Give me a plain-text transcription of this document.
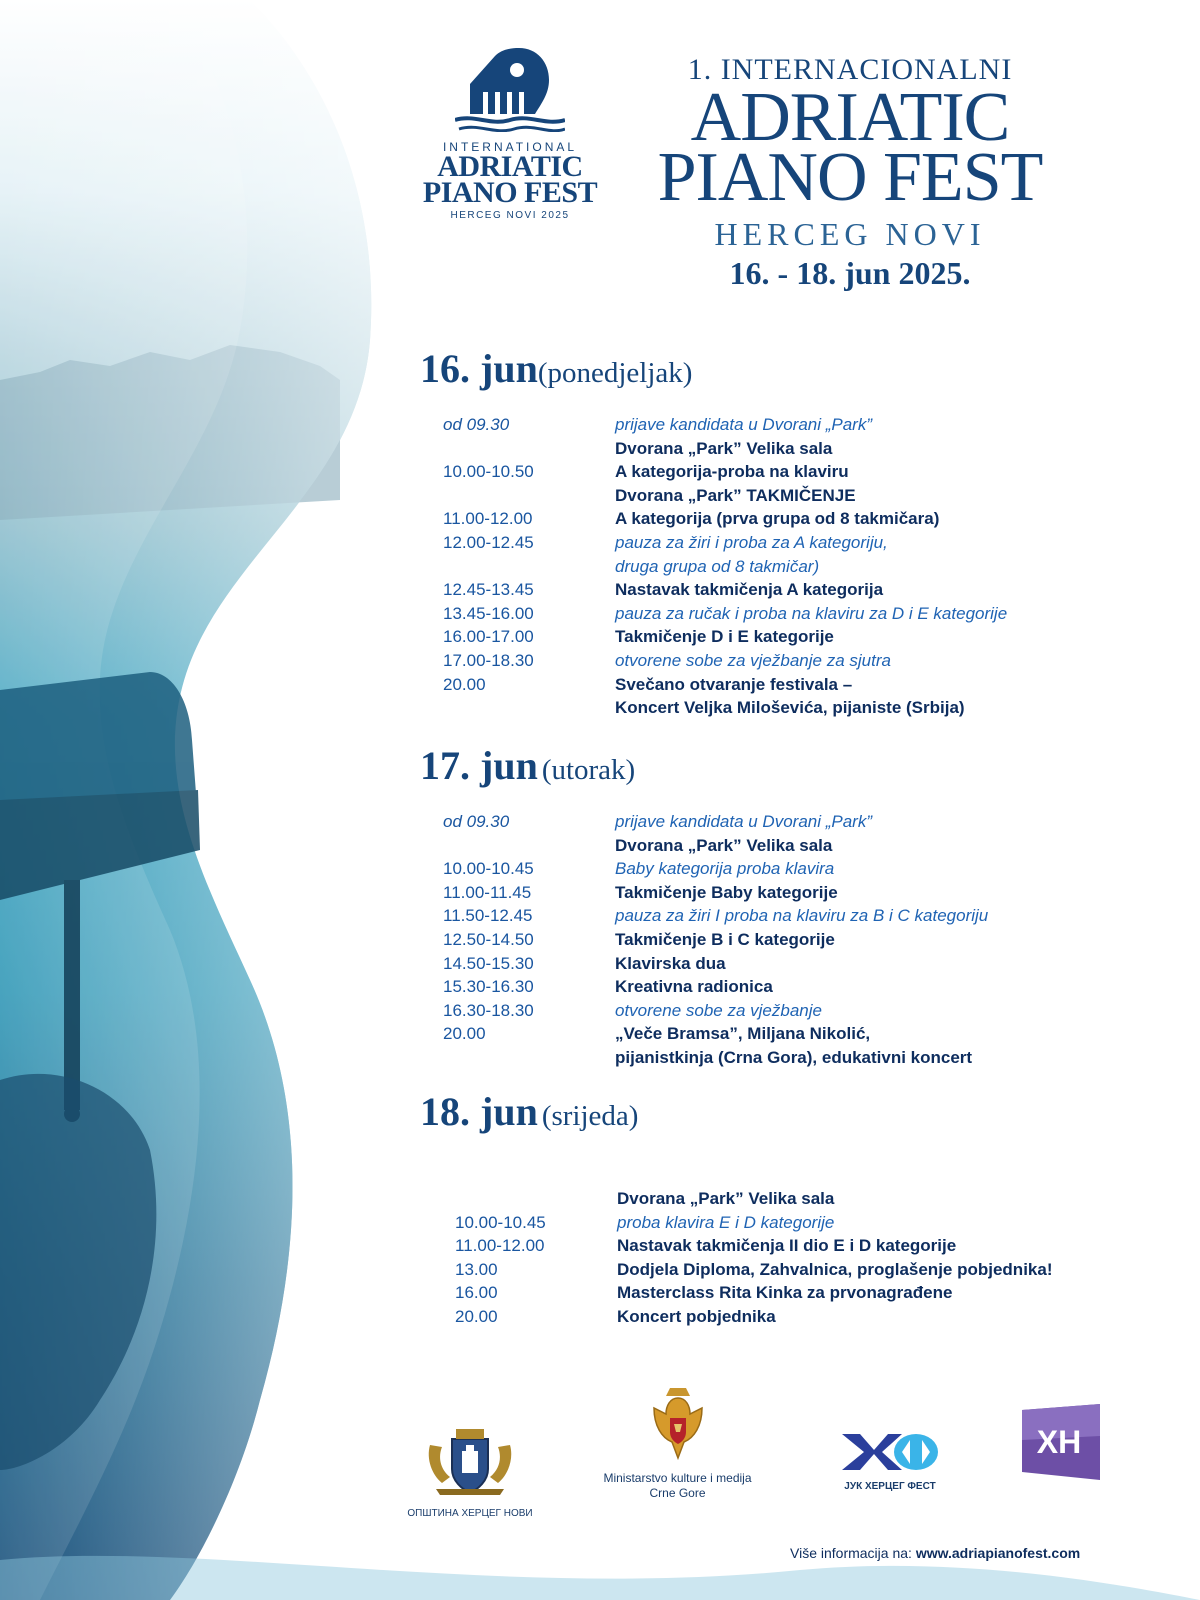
INTERNATIONAL
ADRIATIC
PIANO FEST
HERCEG NOVI 2025
1. INTERNACIONALNI
ADRIATIC
PIANO FEST
HERCEG NOVI
16. - 18. jun 2025.
16. jun(ponedjeljak)
od 09.30	prijave kandidata u Dvorani „Park”
Dvorana „Park” Velika sala
10.00-10.50	A kategorija-proba na klaviru
Dvorana „Park” TAKMIČENJE
11.00-12.00	A kategorija (prva grupa od 8 takmičara)
12.00-12.45	pauza za žiri i proba za A kategoriju,
druga grupa od 8 takmičar)
12.45-13.45	Nastavak takmičenja A kategorija
13.45-16.00	pauza za ručak i proba na klaviru za D i E kategorije
16.00-17.00	Takmičenje D i E kategorije
17.00-18.30	otvorene sobe za vježbanje za sjutra
20.00	Svečano otvaranje festivala –
Koncert Veljka Miloševića, pijaniste (Srbija)
17. jun (utorak)
od 09.30	prijave kandidata u Dvorani „Park”
Dvorana „Park” Velika sala
10.00-10.45	Baby kategorija proba klavira
11.00-11.45	Takmičenje Baby kategorije
11.50-12.45	pauza za žiri I proba na klaviru za B i C kategoriju
12.50-14.50	Takmičenje B i C kategorije
14.50-15.30	Klavirska dua
15.30-16.30	Kreativna radionica
16.30-18.30	otvorene sobe za vježbanje
20.00	„Veče Bramsa”, Miljana Nikolić,
pijanistkinja (Crna Gora), edukativni koncert
18. jun (srijeda)
Dvorana „Park” Velika sala
10.00-10.45	proba klavira E i D kategorije
11.00-12.00	Nastavak takmičenja II dio E i D kategorije
13.00	Dodjela Diploma, Zahvalnica, proglašenje pobjednika!
16.00	Masterclass Rita Kinka za prvonagrađene
20.00	Koncert pobjednika
ОПШТИНА ХЕРЦЕГ НОВИ
Ministarstvo kulture i medija
Crne Gore	ЈУК ХЕРЦЕГ ФЕСТ
XH
Više informacija na: www.adriapianofest.com
